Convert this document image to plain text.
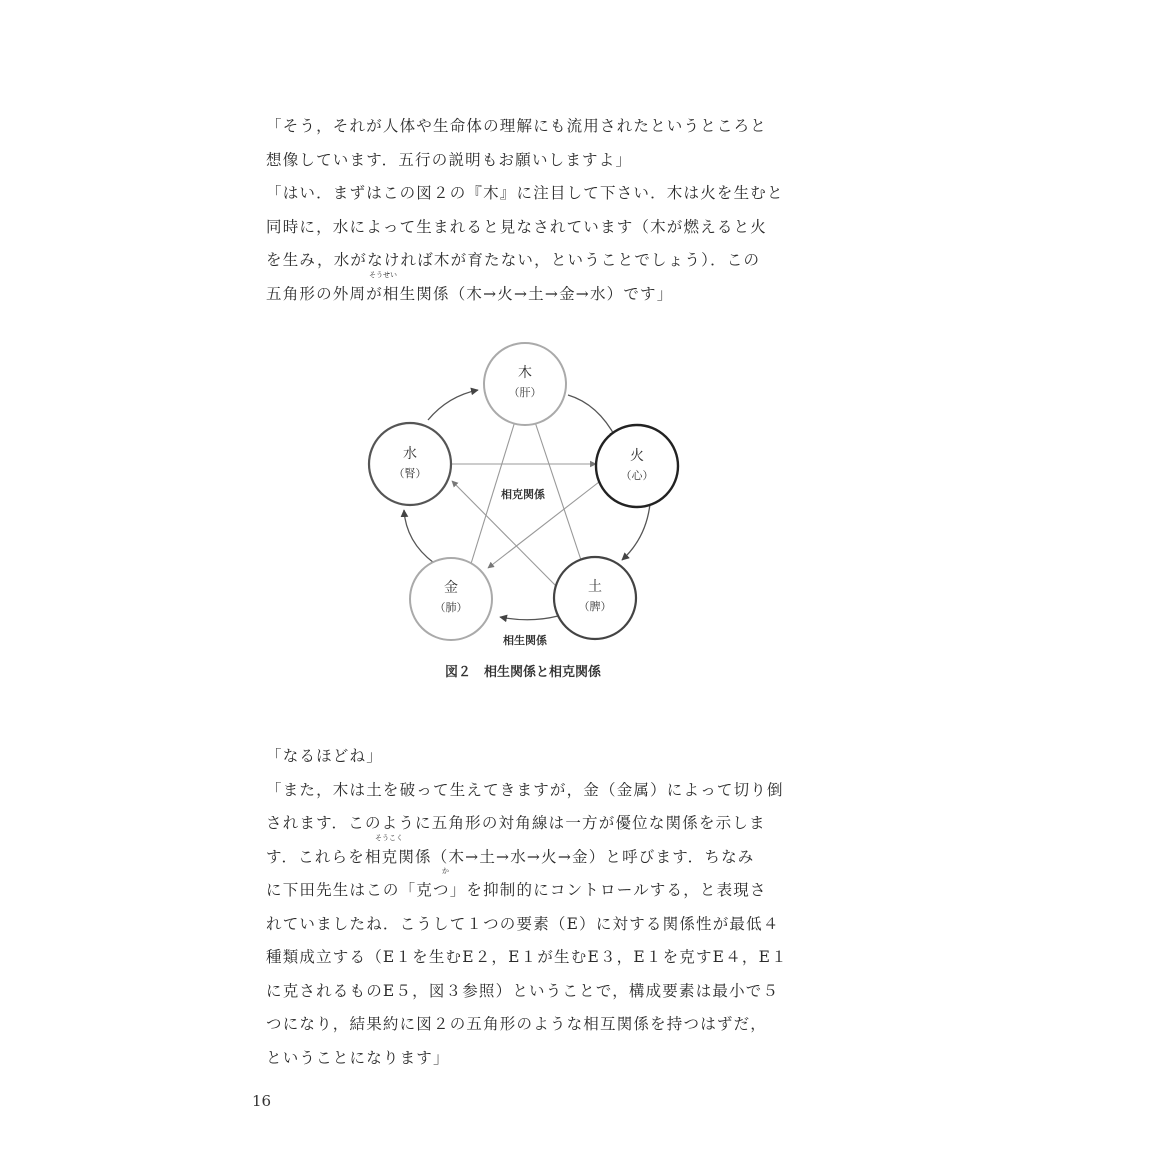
「そう，それが人体や生命体の理解にも流用されたというところと
想像しています．五行の説明もお願いしますよ」
「はい．まずはこの図２の『木』に注目して下さい．木は火を生むと
同時に，水によって生まれると見なされています（木が燃えると火
を生み，水がなければ木が育たない，ということでしょう）．この
五角形の外周が相生関係（木→火→土→金→水）です」
そうせい
木
（肝）
火
（心）
土
（脾）
金
（肺）
水
（腎）
相克関係
相生関係
図２　相生関係と相克関係
「なるほどね」
「また，木は土を破って生えてきますが，金（金属）によって切り倒
されます．このように五角形の対角線は一方が優位な関係を示しま
す．これらを相克関係（木→土→水→火→金）と呼びます．ちなみ
に下田先生はこの「克つ」を抑制的にコントロールする，と表現さ
れていましたね．こうして１つの要素（E）に対する関係性が最低４
種類成立する（E１を生むE２，E１が生むE３，E１を克すE４，E１
に克されるものE５，図３参照）ということで，構成要素は最小で５
つになり，結果約に図２の五角形のような相互関係を持つはずだ，
ということになります」
そうこく
か
16
